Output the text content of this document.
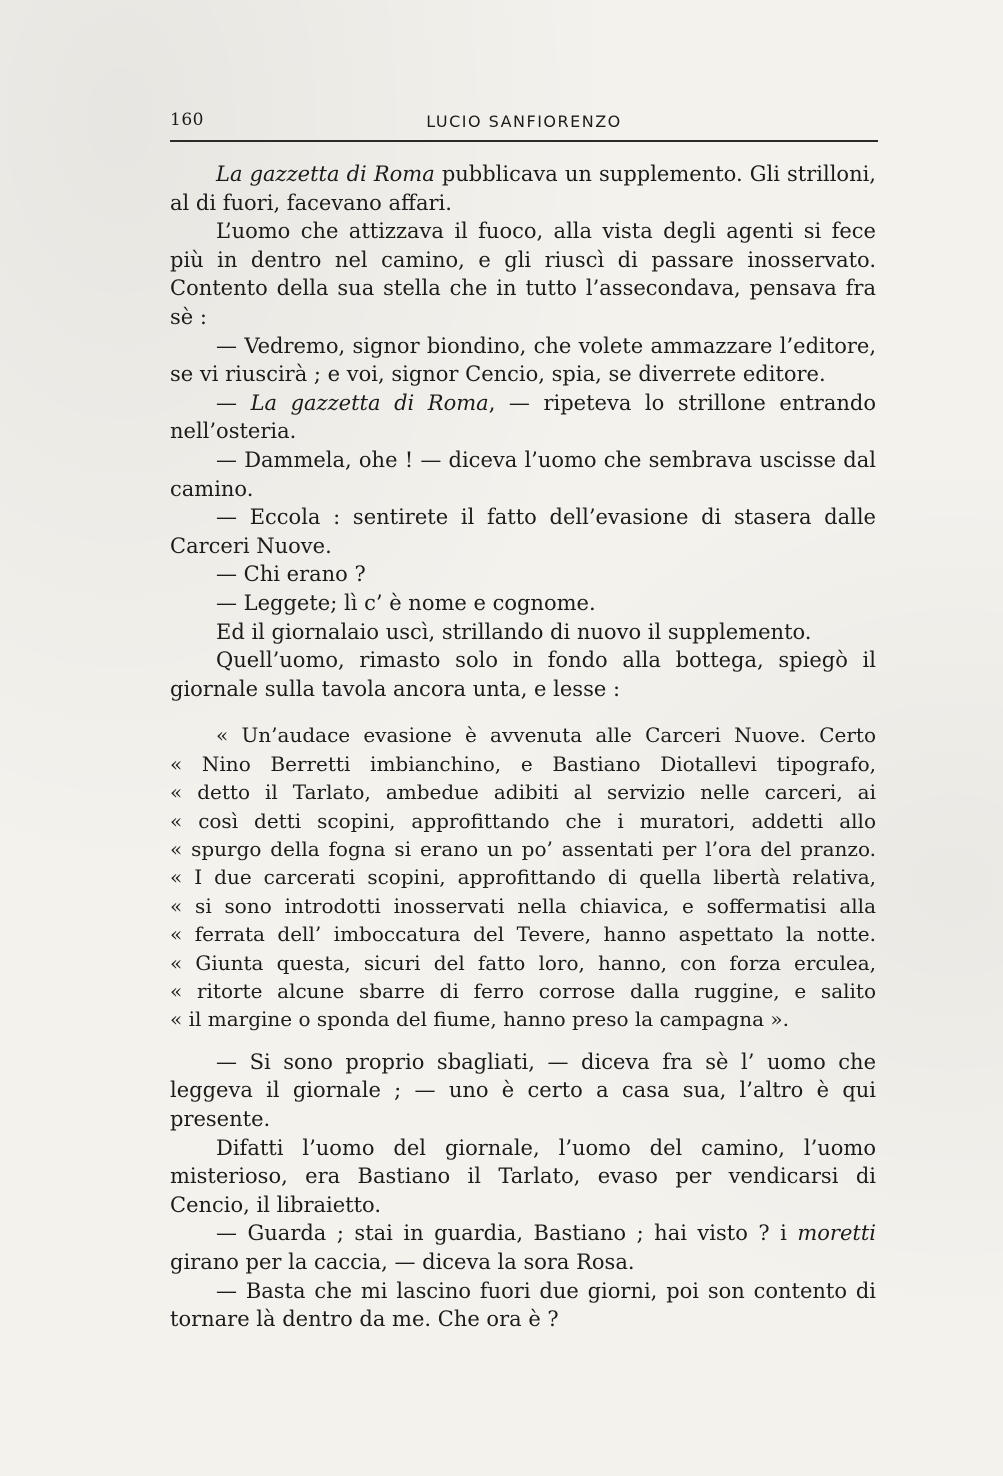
160	LUCIO SANFIORENZO

La gazzetta di Roma pubblicava un supplemento. Gli strilloni, al di fuori, facevano affari.

L’uomo che attizzava il fuoco, alla vista degli agenti si fece più in dentro nel camino, e gli riuscì di passare inosservato. Contento della sua stella che in tutto l’assecondava, pensava fra sè :

— Vedremo, signor biondino, che volete ammazzare l’editore, se vi riuscirà ; e voi, signor Cencio, spia, se diverrete editore.

— La gazzetta di Roma, — ripeteva lo strillone entrando nell’osteria.

— Dammela, ohe ! — diceva l’uomo che sembrava uscisse dal camino.

— Eccola : sentirete il fatto dell’evasione di stasera dalle Carceri Nuove.

— Chi erano ?

— Leggete; lì c’ è nome e cognome.

Ed il giornalaio uscì, strillando di nuovo il supplemento.

Quell’uomo, rimasto solo in fondo alla bottega, spiegò il giornale sulla tavola ancora unta, e lesse :

« Un’audace evasione è avvenuta alle Carceri Nuove. Certo
« Nino Berretti imbianchino, e Bastiano Diotallevi tipografo,
« detto il Tarlato, ambedue adibiti al servizio nelle carceri, ai
« così detti scopini, approfittando che i muratori, addetti allo
« spurgo della fogna si erano un po’ assentati per l’ora del pranzo.
« I due carcerati scopini, approfittando di quella libertà relativa,
« si sono introdotti inosservati nella chiavica, e soffermatisi alla
« ferrata dell’ imboccatura del Tevere, hanno aspettato la notte.
« Giunta questa, sicuri del fatto loro, hanno, con forza erculea,
« ritorte alcune sbarre di ferro corrose dalla ruggine, e salito
« il margine o sponda del fiume, hanno preso la campagna ».

— Si sono proprio sbagliati, — diceva fra sè l’ uomo che leggeva il giornale ; — uno è certo a casa sua, l’altro è qui presente.

Difatti l’uomo del giornale, l’uomo del camino, l’uomo misterioso, era Bastiano il Tarlato, evaso per vendicarsi di Cencio, il libraietto.

— Guarda ; stai in guardia, Bastiano ; hai visto ? i moretti girano per la caccia, — diceva la sora Rosa.

— Basta che mi lascino fuori due giorni, poi son contento di tornare là dentro da me. Che ora è ?
